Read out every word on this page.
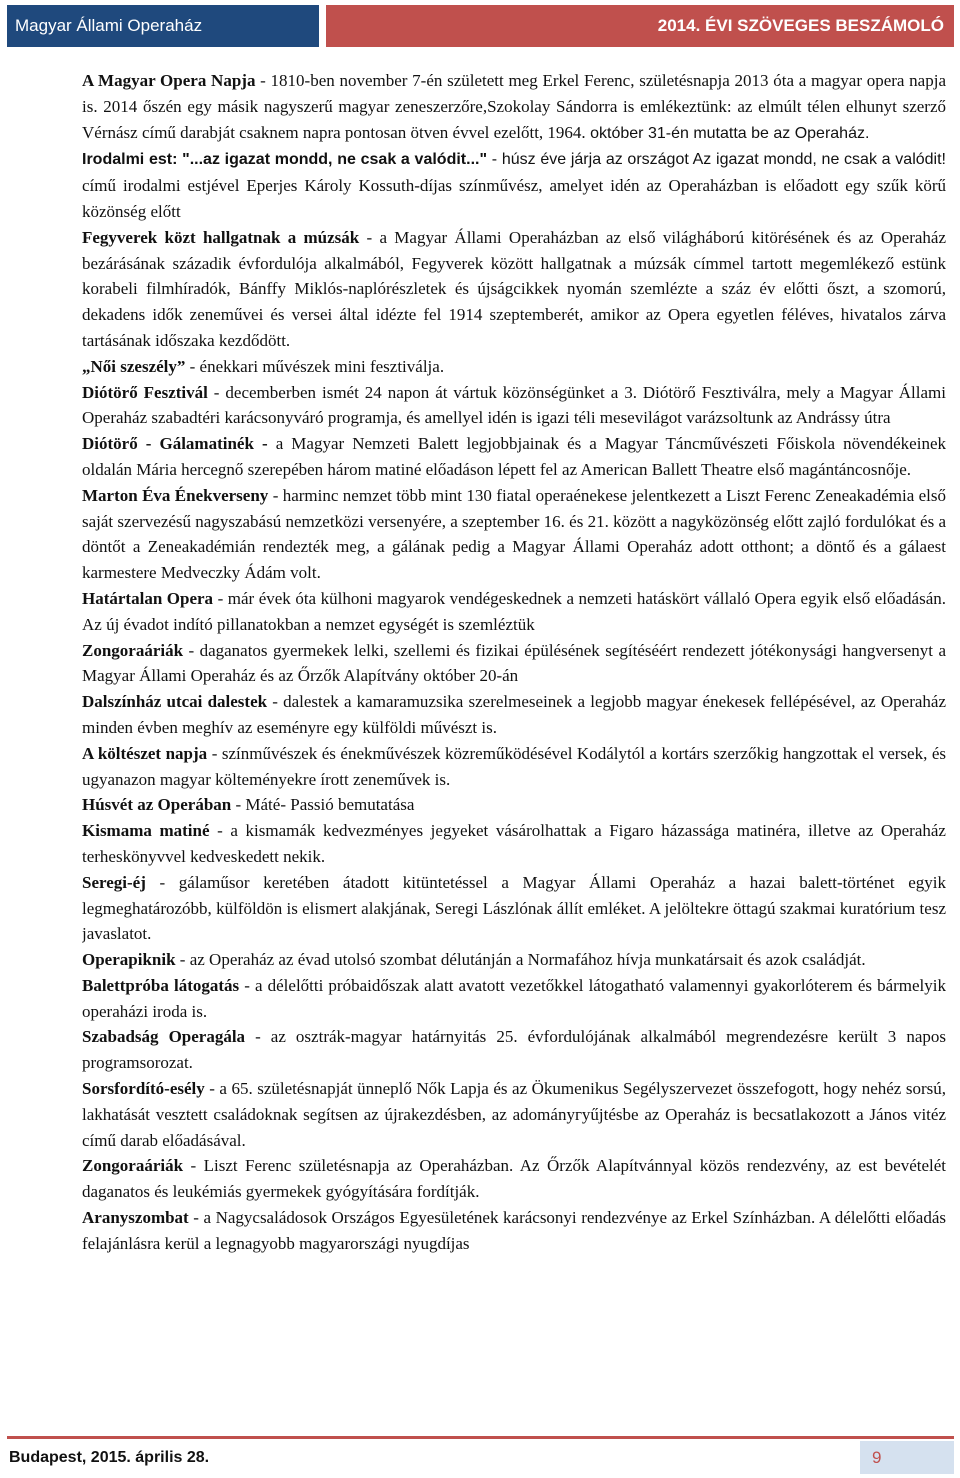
Magyar Állami Operaház	2014. ÉVI SZÖVEGES BESZÁMOLÓ
● A Magyar Opera Napja - 1810-ben november 7-én született meg Erkel Ferenc, születésnapja 2013 óta a magyar opera napja is. 2014 őszén egy másik nagyszerű magyar zeneszerzőre,Szokolay Sándorra is emlékeztünk: az elmúlt télen elhunyt szerző Vérnász című darabját csaknem napra pontosan ötven évvel ezelőtt, 1964. október 31-én mutatta be az Operaház.
● Irodalmi est: "...az igazat mondd, ne csak a valódit..." - húsz éve járja az országot Az igazat mondd, ne csak a valódit! című irodalmi estjével Eperjes Károly Kossuth-díjas színművész, amelyet idén az Operaházban is előadott egy szűk körű közönség előtt
● Fegyverek közt hallgatnak a múzsák - a Magyar Állami Operaházban az első világháború kitörésének és az Operaház bezárásának századik évfordulója alkalmából, Fegyverek között hallgatnak a múzsák címmel tartott megemlékező estünk korabeli filmhíradók, Bánffy Miklós-naplórészletek és újságcikkek nyomán szemlézte a száz év előtti őszt, a szomorú, dekadens idők zeneművei és versei által idézte fel 1914 szeptemberét, amikor az Opera egyetlen féléves, hivatalos zárva tartásának időszaka kezdődött.
● „Női szeszély” - énekkari művészek mini fesztiválja.
● Diótörő Fesztivál - decemberben ismét 24 napon át vártuk közönségünket a 3. Diótörő Fesztiválra, mely a Magyar Állami Operaház szabadtéri karácsonyváró programja, és amellyel idén is igazi téli mesevilágot varázsoltunk az Andrássy útra
● Diótörő - Gálamatinék - a Magyar Nemzeti Balett legjobbjainak és a Magyar Táncművészeti Főiskola növendékeinek oldalán Mária hercegnő szerepében három matiné előadáson lépett fel az American Ballett Theatre első magántáncosnője.
● Marton Éva Énekverseny - harminc nemzet több mint 130 fiatal operaénekese jelentkezett a Liszt Ferenc Zeneakadémia első saját szervezésű nagyszabású nemzetközi versenyére, a szeptember 16. és 21. között a nagyközönség előtt zajló fordulókat és a döntőt a Zeneakadémián rendezték meg, a gálának pedig a Magyar Állami Operaház adott otthont; a döntő és a gálaest karmestere Medveczky Ádám volt.
● Határtalan Opera - már évek óta külhoni magyarok vendégeskednek a nemzeti hatáskört vállaló Opera egyik első előadásán. Az új évadot indító pillanatokban a nemzet egységét is szemléztük
● Zongoraáriák - daganatos gyermekek lelki, szellemi és fizikai épülésének segítéséért rendezett jótékonysági hangversenyt a Magyar Állami Operaház és az Őrzők Alapítvány október 20-án
● Dalszínház utcai dalestek - dalestek a kamaramuzsika szerelmeseinek a legjobb magyar énekesek fellépésével, az Operaház minden évben meghív az eseményre egy külföldi művészt is.
● A költészet napja - színművészek és énekművészek közreműködésével Kodálytól a kortárs szerzőkig hangzottak el versek, és ugyanazon magyar költeményekre írott zeneművek is.
● Húsvét az Operában - Máté- Passió bemutatása
● Kismama matiné - a kismamák kedvezményes jegyeket vásárolhattak a Figaro házassága matinéra, illetve az Operaház terheskönyvvel kedveskedett nekik.
● Seregi-éj - gálaműsor keretében átadott kitüntetéssel a Magyar Állami Operaház a hazai balett-történet egyik legmeghatározóbb, külföldön is elismert alakjának, Seregi Lászlónak állít emléket. A jelöltekre öttagú szakmai kuratórium tesz javaslatot.
● Operapiknik - az Operaház az évad utolsó szombat délutánján a Normafához hívja munkatársait és azok családját.
● Balettpróba látogatás - a délelőtti próbaidőszak alatt avatott vezetőkkel látogatható valamennyi gyakorlóterem és bármelyik operaházi iroda is.
● Szabadság Operagála - az osztrák-magyar határnyitás 25. évfordulójának alkalmából megrendezésre került 3 napos programsorozat.
● Sorsfordító-esély - a 65. születésnapját ünneplő Nők Lapja és az Ökumenikus Segélyszervezet összefogott, hogy nehéz sorsú, lakhatását vesztett családoknak segítsen az újrakezdésben, az adományгyűjtésbe az Operaház is becsatlakozott a János vitéz című darab előadásával.
● Zongoraáriák - Liszt Ferenc születésnapja az Operaházban. Az Őrzők Alapítvánnyal közös rendezvény, az est bevételét daganatos és leukémiás gyermekek gyógyítására fordítják.
● Aranyszombat - a Nagycsaládosok Országos Egyesületének karácsonyi rendezvénye az Erkel Színházban. A délelőtti előadás felajánlásra kerül a legnagyobb magyarországi nyugdíjas
Budapest, 2015. április 28.	9
